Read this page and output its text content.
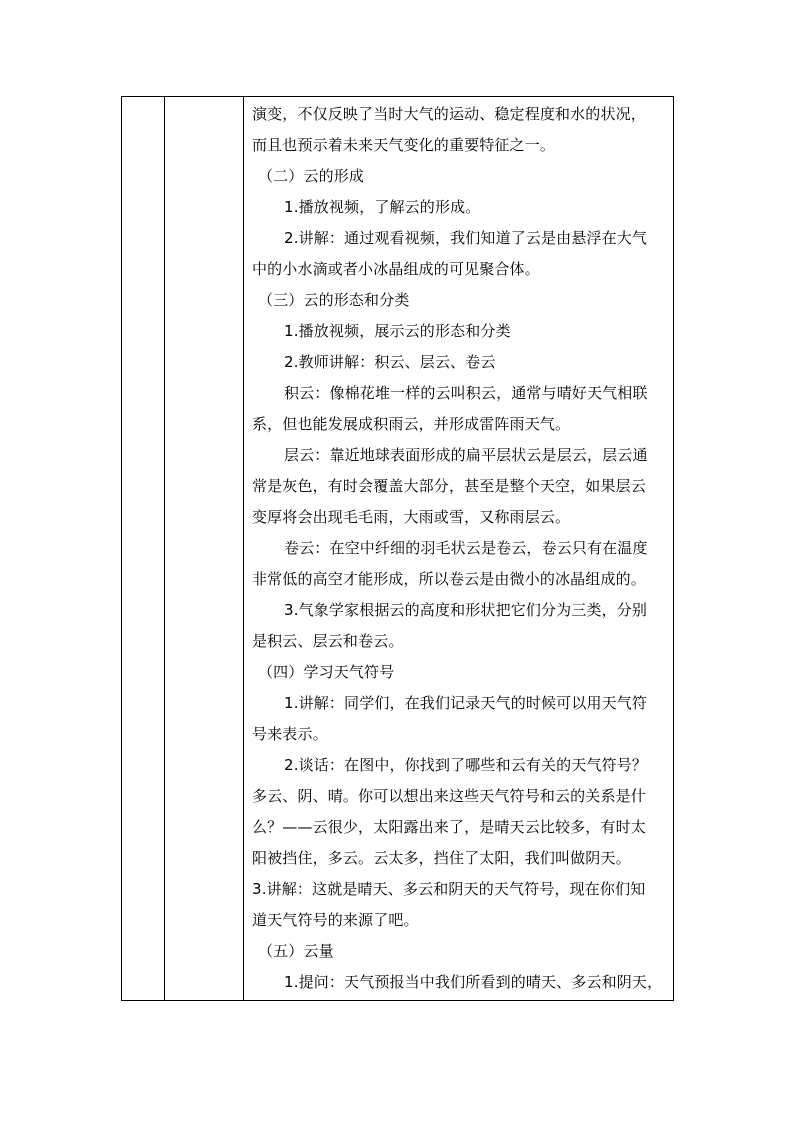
演变，不仅反映了当时大气的运动、稳定程度和水的状况，
而且也预示着未来天气变化的重要特征之一。
（二）云的形成
1.播放视频，了解云的形成。
2.讲解：通过观看视频，我们知道了云是由悬浮在大气
中的小水滴或者小冰晶组成的可见聚合体。
（三）云的形态和分类
1.播放视频，展示云的形态和分类
2.教师讲解：积云、层云、卷云
积云：像棉花堆一样的云叫积云，通常与晴好天气相联
系，但也能发展成积雨云，并形成雷阵雨天气。
层云：靠近地球表面形成的扁平层状云是层云，层云通
常是灰色，有时会覆盖大部分，甚至是整个天空，如果层云
变厚将会出现毛毛雨，大雨或雪，又称雨层云。
卷云：在空中纤细的羽毛状云是卷云，卷云只有在温度
非常低的高空才能形成，所以卷云是由微小的冰晶组成的。
3.气象学家根据云的高度和形状把它们分为三类，分别
是积云、层云和卷云。
（四）学习天气符号
1.讲解：同学们，在我们记录天气的时候可以用天气符
号来表示。
2.谈话：在图中，你找到了哪些和云有关的天气符号？
多云、阴、晴。你可以想出来这些天气符号和云的关系是什
么？——云很少，太阳露出来了，是晴天云比较多，有时太
阳被挡住，多云。云太多，挡住了太阳，我们叫做阴天。
3.讲解：这就是晴天、多云和阴天的天气符号，现在你们知
道天气符号的来源了吧。
（五）云量
1.提问：天气预报当中我们所看到的晴天、多云和阴天，
